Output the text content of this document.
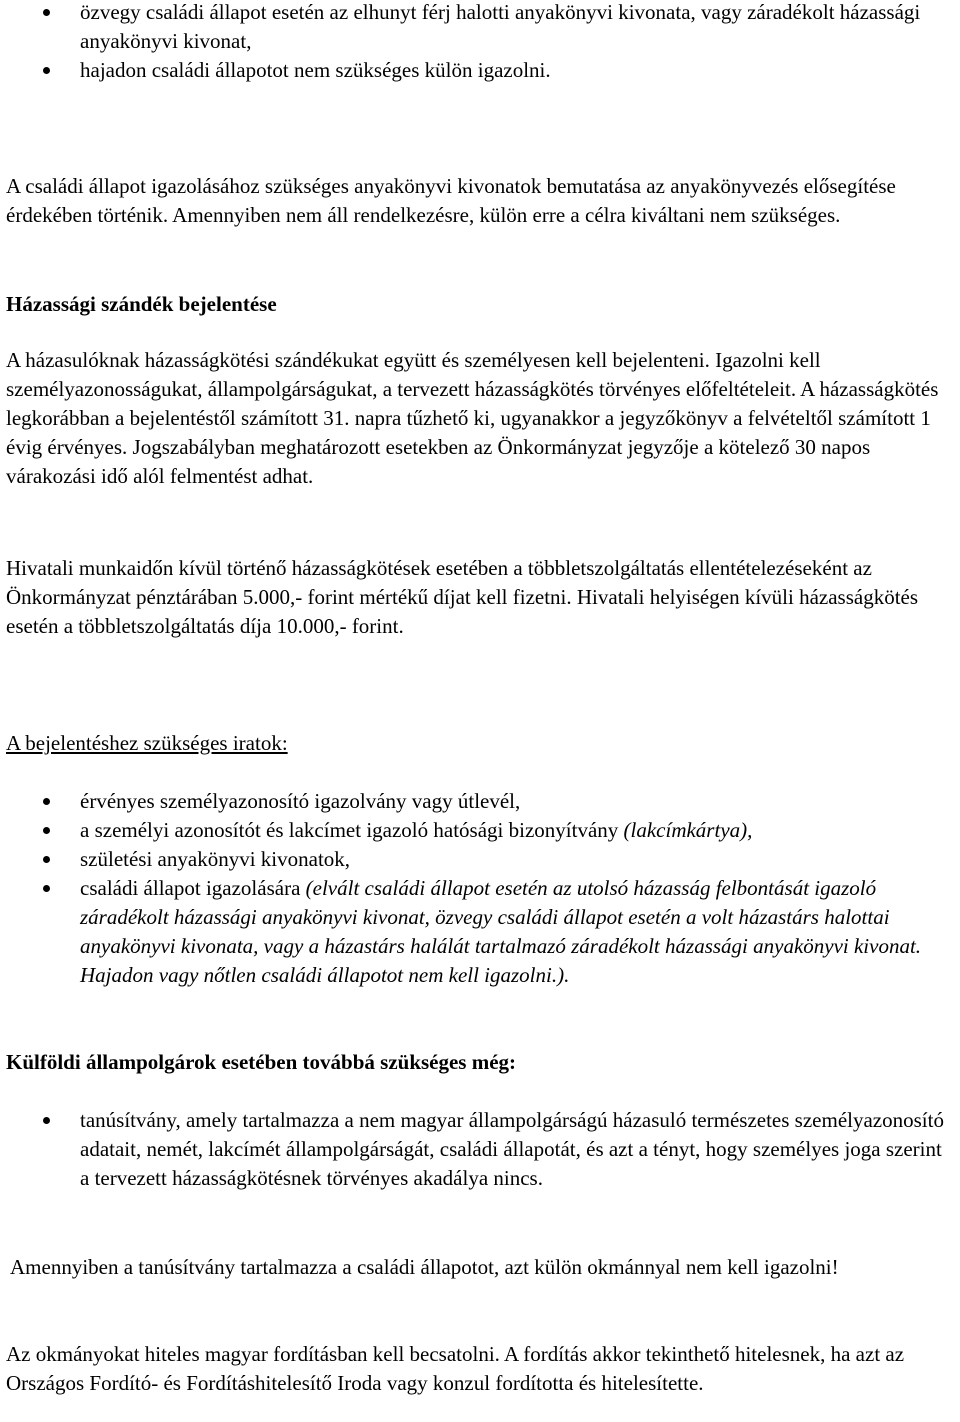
özvegy családi állapot esetén az elhunyt férj halotti anyakönyvi kivonata, vagy záradékolt házassági anyakönyvi kivonat,
hajadon családi állapotot nem szükséges külön igazolni.

A családi állapot igazolásához szükséges anyakönyvi kivonatok bemutatása az anyakönyvezés elősegítése érdekében történik. Amennyiben nem áll rendelkezésre, külön erre a célra kiváltani nem szükséges.

Házassági szándék bejelentése

A házasulóknak házasságkötési szándékukat együtt és személyesen kell bejelenteni. Igazolni kell személyazonosságukat, állampolgárságukat, a tervezett házasságkötés törvényes előfeltételeit. A házasságkötés legkorábban a bejelentéstől számított 31. napra tűzhető ki, ugyanakkor a jegyzőkönyv a felvételtől számított 1 évig érvényes. Jogszabályban meghatározott esetekben az Önkormányzat jegyzője a kötelező 30 napos várakozási idő alól felmentést adhat.

Hivatali munkaidőn kívül történő házasságkötések esetében a többletszolgáltatás ellentételezéseként az Önkormányzat pénztárában 5.000,- forint mértékű díjat kell fizetni. Hivatali helyiségen kívüli házasságkötés esetén a többletszolgáltatás díja 10.000,- forint.

A bejelentéshez szükséges iratok:

érvényes személyazonosító igazolvány vagy útlevél,
a személyi azonosítót és lakcímet igazoló hatósági bizonyítvány (lakcímkártya),
születési anyakönyvi kivonatok,
családi állapot igazolására (elvált családi állapot esetén az utolsó házasság felbontását igazoló záradékolt házassági anyakönyvi kivonat, özvegy családi állapot esetén a volt házastárs halottai anyakönyvi kivonata, vagy a házastárs halálát tartalmazó záradékolt házassági anyakönyvi kivonat. Hajadon vagy nőtlen családi állapotot nem kell igazolni.).

Külföldi állampolgárok esetében továbbá szükséges még:

tanúsítvány, amely tartalmazza a nem magyar állampolgárságú házasuló természetes személyazonosító adatait, nemét, lakcímét állampolgárságát, családi állapotát, és azt a tényt, hogy személyes joga szerint a tervezett házasságkötésnek törvényes akadálya nincs.

Amennyiben a tanúsítvány tartalmazza a családi állapotot, azt külön okmánnyal nem kell igazolni!

Az okmányokat hiteles magyar fordításban kell becsatolni. A fordítás akkor tekinthető hitelesnek, ha azt az Országos Fordító- és Fordításhitelesítő Iroda vagy konzul fordította és hitelesítette.
